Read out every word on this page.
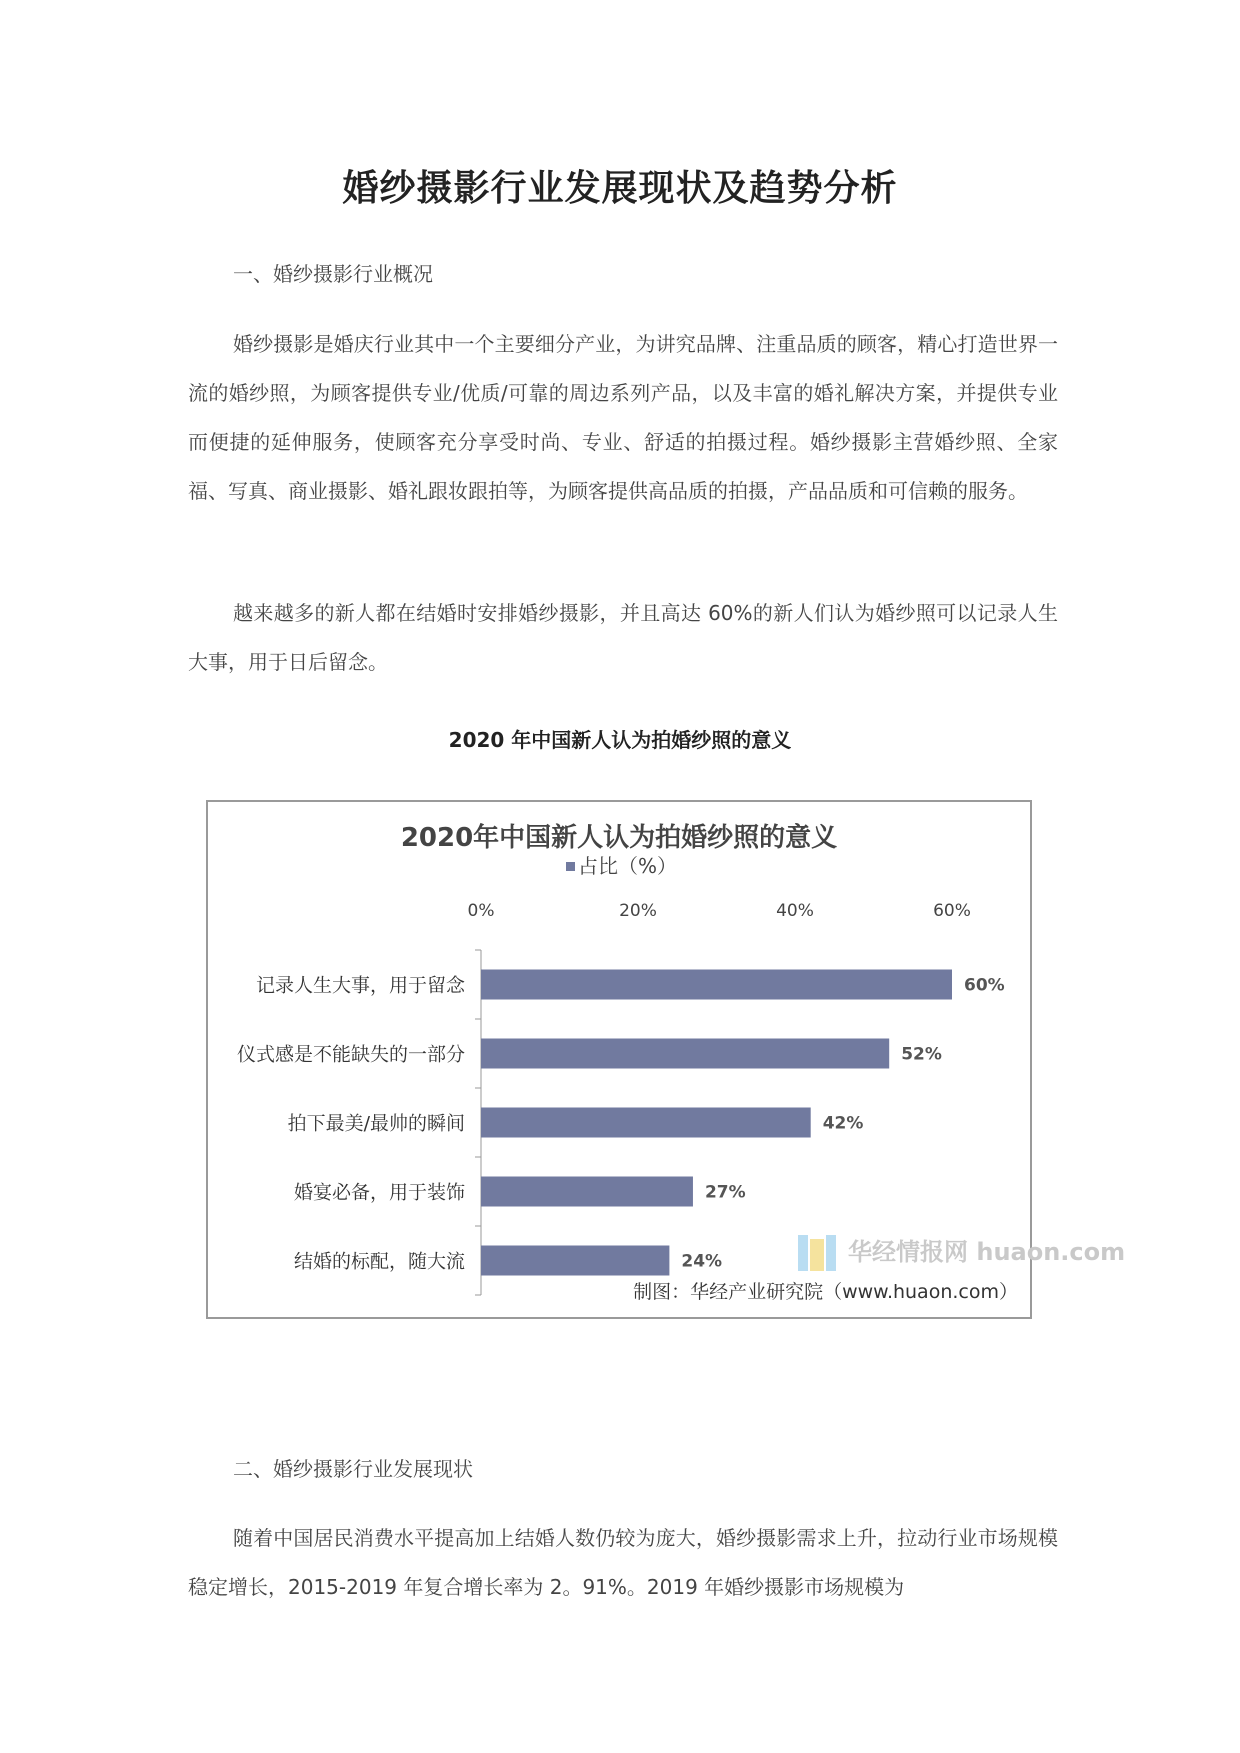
婚纱摄影行业发展现状及趋势分析
一、婚纱摄影行业概况
婚纱摄影是婚庆行业其中一个主要细分产业，为讲究品牌、注重品质的顾客，精心打造世界一流的婚纱照，为顾客提供专业/优质/可靠的周边系列产品，以及丰富的婚礼解决方案，并提供专业而便捷的延伸服务，使顾客充分享受时尚、专业、舒适的拍摄过程。婚纱摄影主营婚纱照、全家福、写真、商业摄影、婚礼跟妆跟拍等，为顾客提供高品质的拍摄，产品品质和可信赖的服务。
越来越多的新人都在结婚时安排婚纱摄影，并且高达 60%的新人们认为婚纱照可以记录人生大事，用于日后留念。
2020 年中国新人认为拍婚纱照的意义
2020年中国新人认为拍婚纱照的意义
占比（%）
0%	20%	40%	60%
记录人生大事，用于留念	60%
仪式感是不能缺失的一部分	52%
拍下最美/最帅的瞬间	42%
婚宴必备，用于装饰	27%
结婚的标配，随大流	24%	华经情报网 huaon.com
制图：华经产业研究院（www.huaon.com）
二、婚纱摄影行业发展现状
随着中国居民消费水平提高加上结婚人数仍较为庞大，婚纱摄影需求上升，拉动行业市场规模稳定增长，2015-2019 年复合增长率为 2。91%。2019 年婚纱摄影市场规模为
